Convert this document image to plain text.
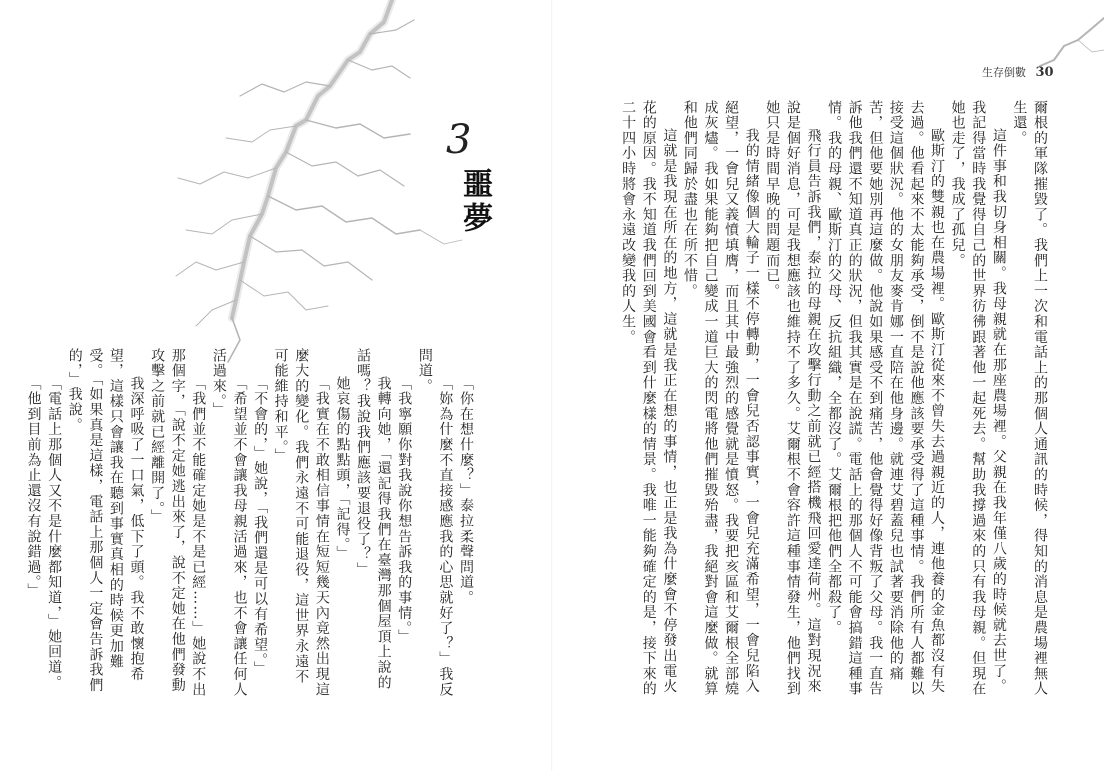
生存倒數 30
3
噩夢	爾根的軍隊摧毀了。我們上一次和電話上的那個人通訊的時候，得知的消息是農場裡無人生還。

這件事和我切身相關。我母親就在那座農場裡。父親在我年僅八歲的時候就去世了。我記得當時我覺得自己的世界彷彿跟著他一起死去。幫助我撐過來的只有我母親。但現在她也走了，我成了孤兒。

歐斯汀的雙親也在農場裡。歐斯汀從來不曾失去過親近的人，連他養的金魚都沒有失去過。他看起來不太能夠承受，倒不是說他應該要承受得了這種事情。我們所有人都難以接受這個狀況。他的女朋友麥肯娜一直陪在他身邊。就連艾碧蓋兒也試著要消除他的痛苦，但他要她別再這麼做。他說如果感受不到痛苦，他會覺得好像背叛了父母。我一直告訴他我們還不知道真正的狀況，但我其實是在說謊。電話上的那個人不可能會搞錯這種事情。我的母親、歐斯汀的父母、反抗組織，全都沒了。艾爾根把他們全都殺了。

飛行員告訴我們，泰拉的母親在攻擊行動之前就已經搭機飛回愛達荷州。這對現況來說是個好消息，可是我想應該也維持不了多久。艾爾根不會容許這種事情發生，他們找到她只是時間早晚的問題而已。

我的情緒像個大輪子一樣不停轉動，一會兒否認事實，一會兒充滿希望，一會兒陷入絕望，一會兒又義憤填膺，而且其中最強烈的感覺就是憤怒。我要把亥區和艾爾根全部燒成灰燼。我如果能夠把自己變成一道巨大的閃電將他們摧毀殆盡，我絕對會這麼做。就算和他們同歸於盡也在所不惜。

這就是我現在所在的地方，這就是我正在想的事情，也正是我為什麼會不停發出電火花的原因。我不知道我們回到美國會看到什麼樣的情景。我唯一能夠確定的是，接下來的二十四小時將會永遠改變我的人生。

「你在想什麼？」泰拉柔聲問道。

「妳為什麼不直接感應我的心思就好了？」我反問道。

「我寧願你對我說你想告訴我的事情。」

我轉向她，「還記得我們在臺灣那個屋頂上說的話嗎？我說我們應該要退役了？」

她哀傷的點點頭，「記得。」

「我實在不敢相信事情在短短幾天內竟然出現這麼大的變化。我們永遠不可能退役，這世界永遠不可能維持和平。」

「不會的，」她說，「我們還是可以有希望。」

「希望並不會讓我母親活過來，也不會讓任何人活過來。」

「我們並不能確定她是不是已經……」她說不出那個字，「說不定她逃出來了，說不定她在他們發動攻擊之前就已經離開了。」

我深呼吸了一口氣，低下了頭。我不敢懷抱希望，這樣只會讓我在聽到事實真相的時候更加難受。「如果真是這樣，電話上那個人一定會告訴我們的，」我說。

「電話上那個人又不是什麼都知道，」她回道。

「他到目前為止還沒有說錯過。」
